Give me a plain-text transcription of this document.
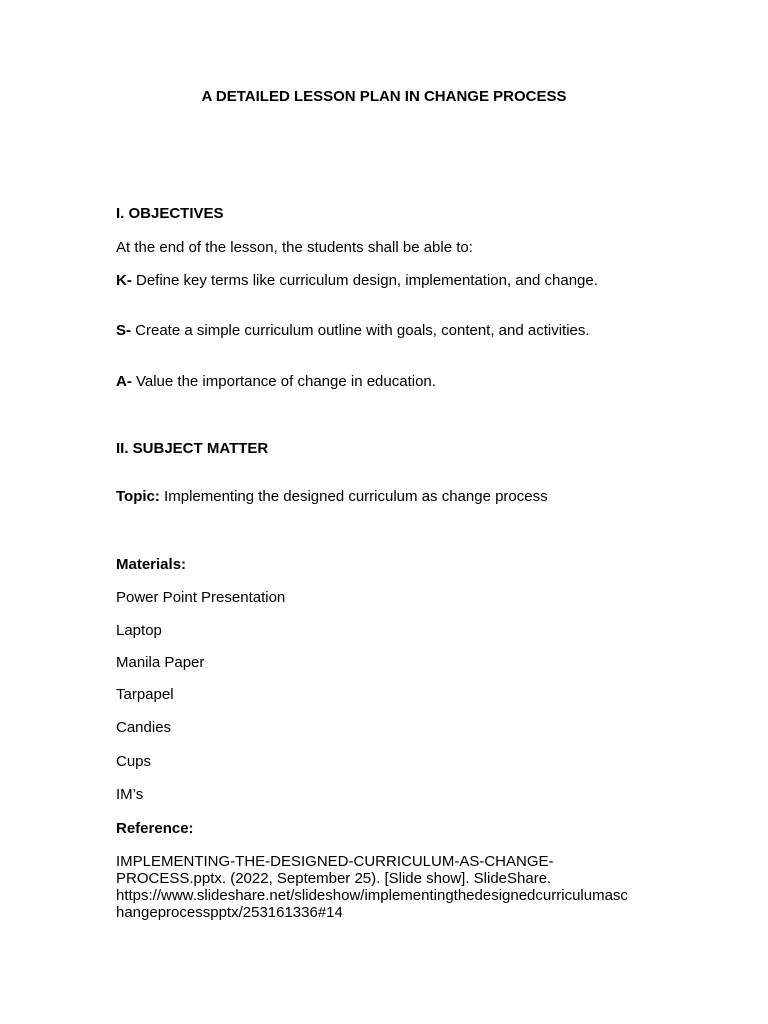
A DETAILED LESSON PLAN IN CHANGE PROCESS
I. OBJECTIVES
At the end of the lesson, the students shall be able to:
K- Define key terms like curriculum design, implementation, and change.
S- Create a simple curriculum outline with goals, content, and activities.
A- Value the importance of change in education.
II. SUBJECT MATTER
Topic: Implementing the designed curriculum as change process
Materials:
Power Point Presentation
Laptop
Manila Paper
Tarpapel
Candies
Cups
IM’s
Reference:
IMPLEMENTING-THE-DESIGNED-CURRICULUM-AS-CHANGE-
PROCESS.pptx. (2022, September 25). [Slide show]. SlideShare.
https://www.slideshare.net/slideshow/implementingthedesignedcurriculumasc
hangeprocesspptx/253161336#14
